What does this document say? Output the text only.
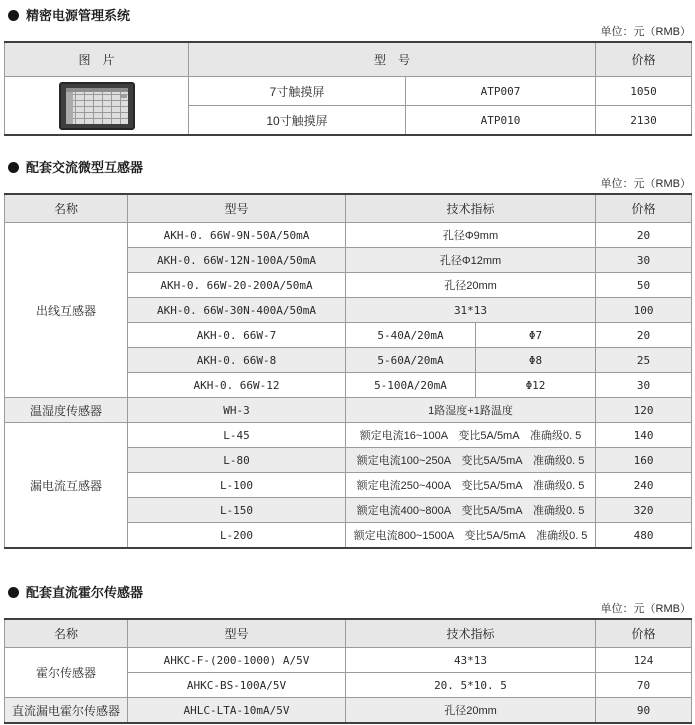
精密电源管理系统
单位：元（RMB）
图　片	型　号		价格

	7寸触摸屏	ATP007	1050
	10寸触摸屏	ATP010	2130
配套交流微型互感器
单位：元（RMB）
名称	型号	技术指标		价格
出线互感器	AKH-0. 66W-9N-50A/50mA	孔径Φ9mm		20
	AKH-0. 66W-12N-100A/50mA	孔径Φ12mm		30
	AKH-0. 66W-20-200A/50mA	孔径20mm		50
	AKH-0. 66W-30N-400A/50mA	31*13		100
	AKH-0. 66W-7	5-40A/20mA	Φ7	20
	AKH-0. 66W-8	5-60A/20mA	Φ8	25
	AKH-0. 66W-12	5-100A/20mA	Φ12	30
温湿度传感器	WH-3	1路湿度+1路温度		120
漏电流互感器	L-45	额定电流16~100A　变比5A/5mA　准确级0. 5		140
	L-80	额定电流100~250A　变比5A/5mA　准确级0. 5		160
	L-100	额定电流250~400A　变比5A/5mA　准确级0. 5		240
	L-150	额定电流400~800A　变比5A/5mA　准确级0. 5		320
	L-200	额定电流800~1500A　变比5A/5mA　准确级0. 5		480
配套直流霍尔传感器
单位：元（RMB）
名称	型号	技术指标	价格
霍尔传感器	AHKC-F-(200-1000) A/5V	43*13	124
	AHKC-BS-100A/5V	20. 5*10. 5	70
直流漏电霍尔传感器	AHLC-LTA-10mA/5V	孔径20mm	90
